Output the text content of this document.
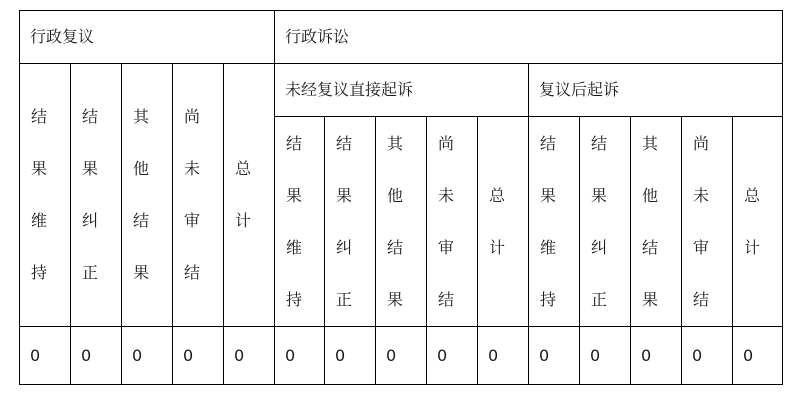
行政复议					行政诉讼									
结果维持	结果纠正	其他结果	尚未审结	总计	未经复议直接起诉					复议后起诉				
					结果维持	结果纠正	其他结果	尚未审结	总计	结果维持	结果纠正	其他结果	尚未审结	总计
0	0	0	0	0	0	0	0	0	0	0	0	0	0	0
